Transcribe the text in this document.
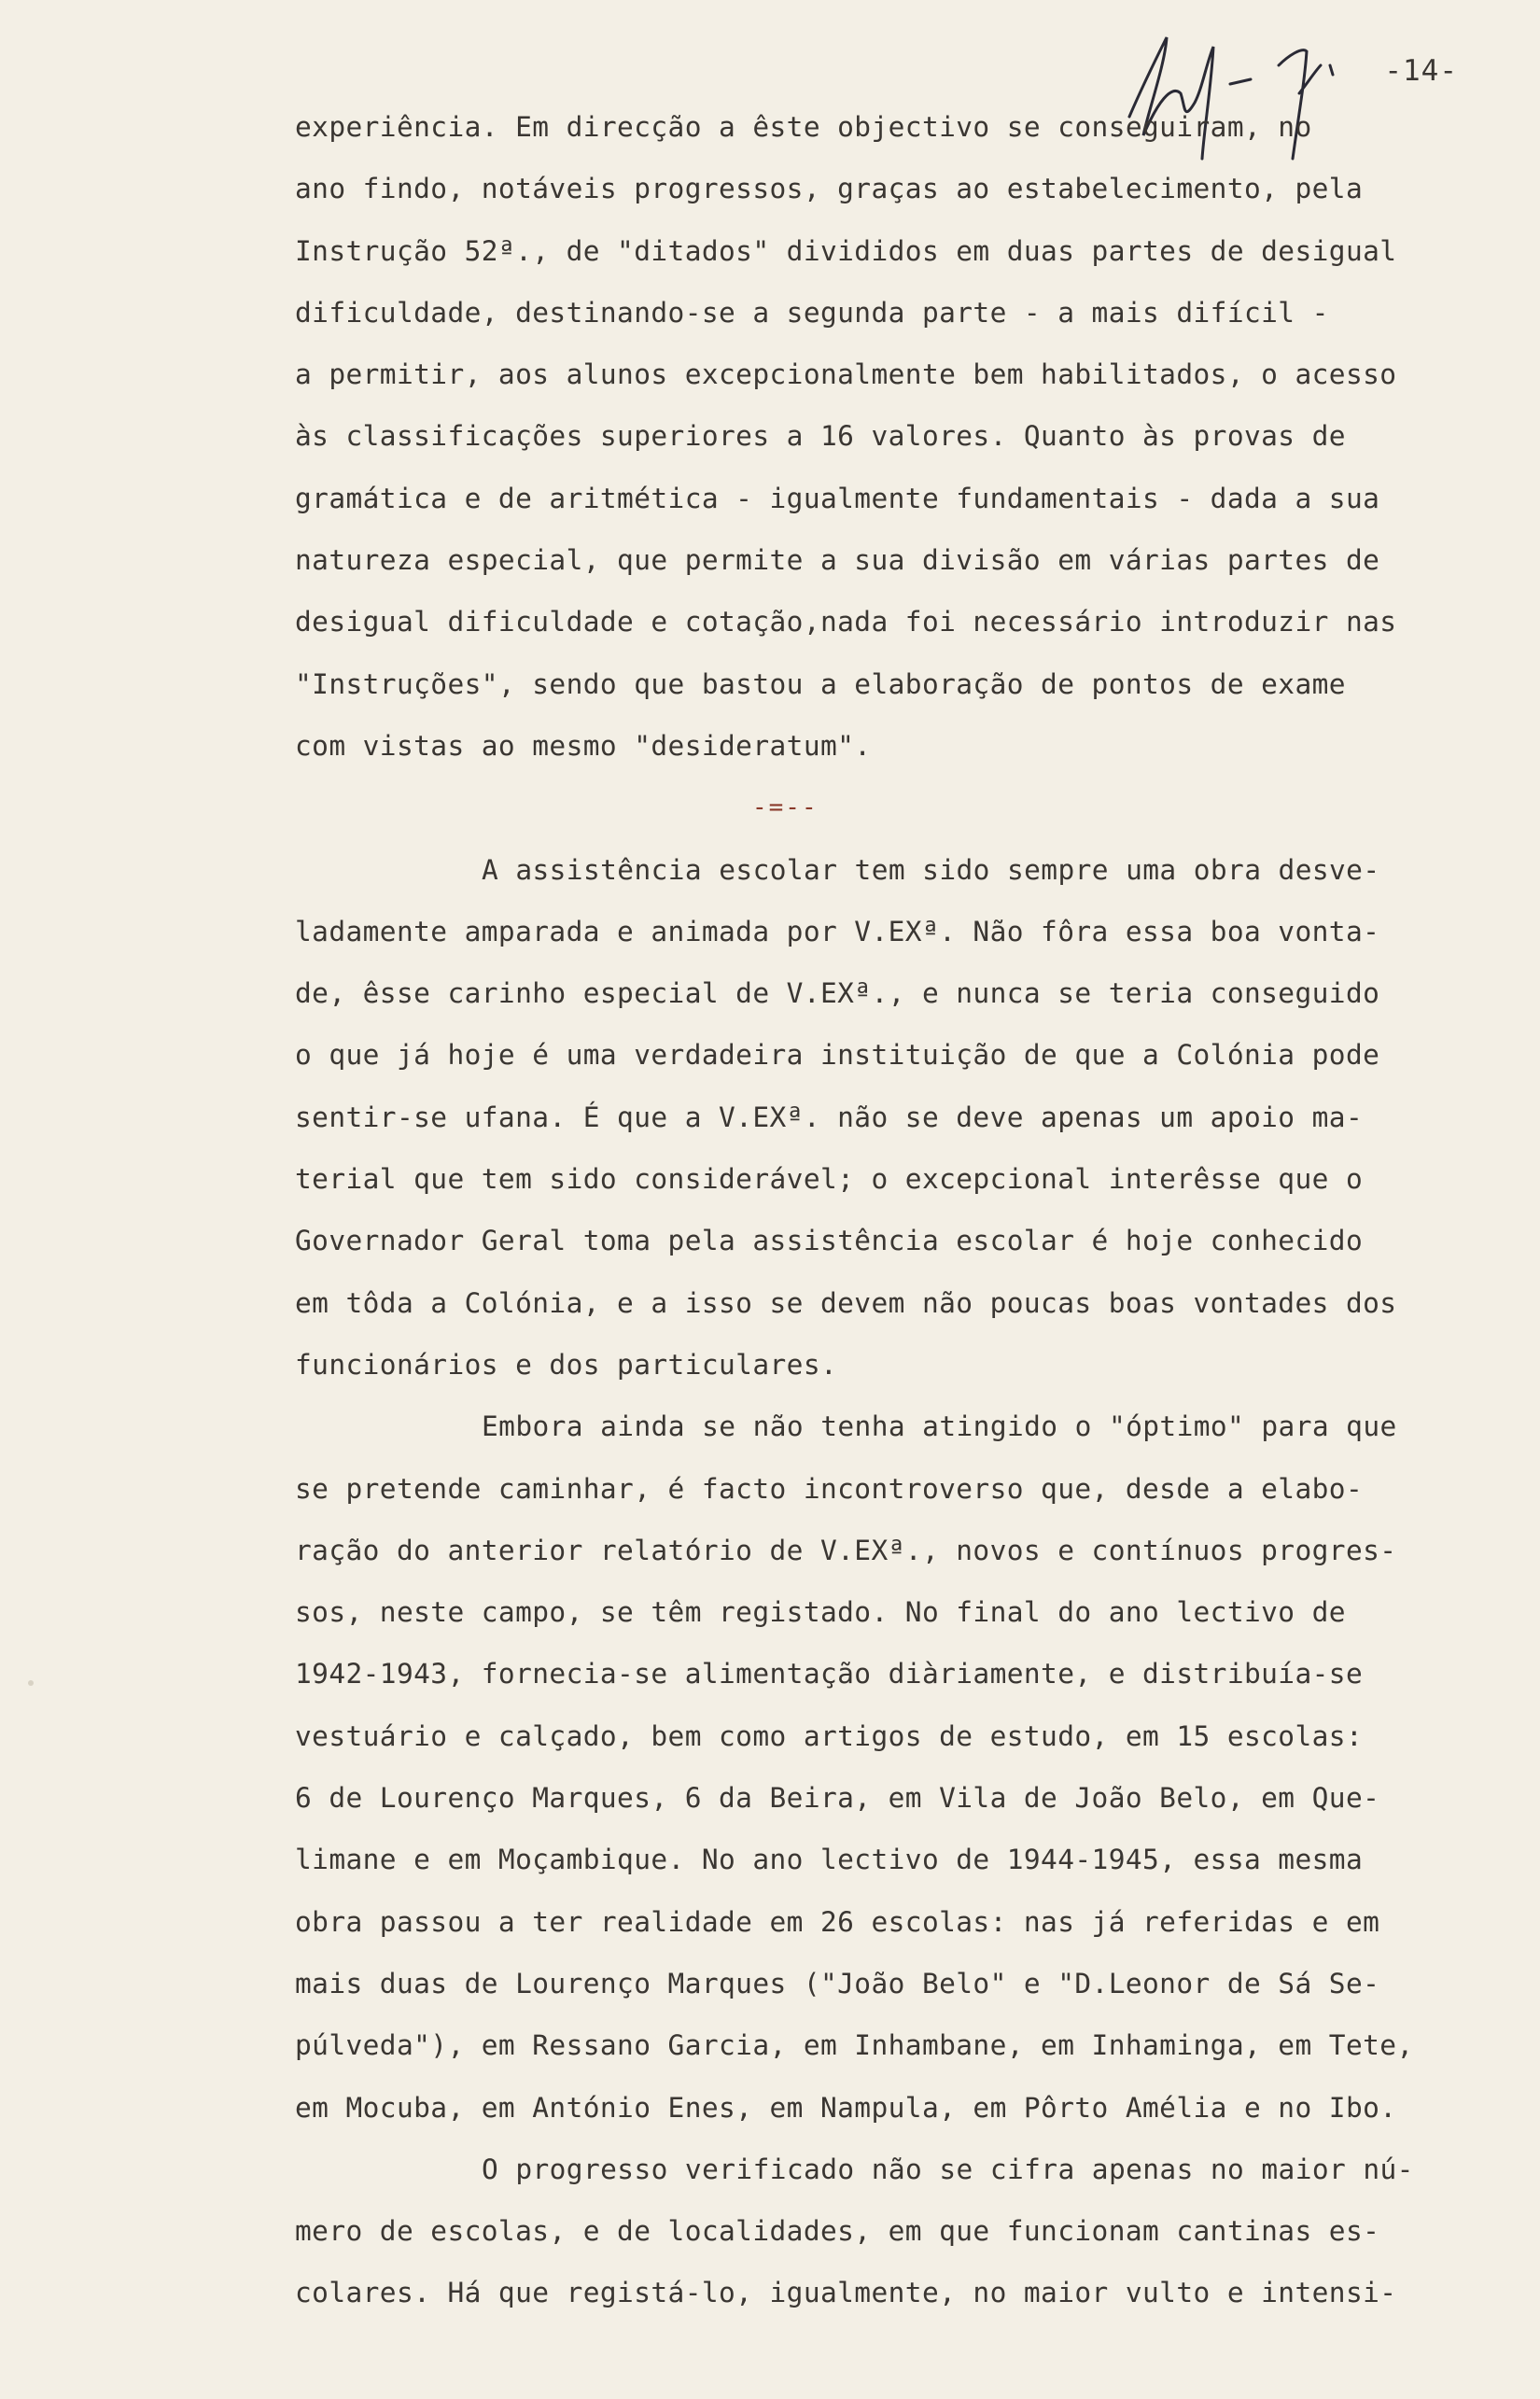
-14-
experiência. Em direcção a êste objectivo se conseguiram, no
ano findo, notáveis progressos, graças ao estabelecimento, pela
Instrução 52ª., de "ditados" divididos em duas partes de desigual
dificuldade, destinando-se a segunda parte - a mais difícil -
a permitir, aos alunos excepcionalmente bem habilitados, o acesso
às classificações superiores a 16 valores. Quanto às provas de
gramática e de aritmética - igualmente fundamentais - dada a sua
natureza especial, que permite a sua divisão em várias partes de
desigual dificuldade e cotação,nada foi necessário introduzir nas
"Instruções", sendo que bastou a elaboração de pontos de exame
com vistas ao mesmo "desideratum".
-=--
A assistência escolar tem sido sempre uma obra desve-
ladamente amparada e animada por V.EXª. Não fôra essa boa vonta-
de, êsse carinho especial de V.EXª., e nunca se teria conseguido
o que já hoje é uma verdadeira instituição de que a Colónia pode
sentir-se ufana. É que a V.EXª. não se deve apenas um apoio ma-
terial que tem sido considerável; o excepcional interêsse que o
Governador Geral toma pela assistência escolar é hoje conhecido
em tôda a Colónia, e a isso se devem não poucas boas vontades dos
funcionários e dos particulares.
Embora ainda se não tenha atingido o "óptimo" para que
se pretende caminhar, é facto incontroverso que, desde a elabo-
ração do anterior relatório de V.EXª., novos e contínuos progres-
sos, neste campo, se têm registado. No final do ano lectivo de
1942-1943, fornecia-se alimentação diàriamente, e distribuía-se
vestuário e calçado, bem como artigos de estudo, em 15 escolas:
6 de Lourenço Marques, 6 da Beira, em Vila de João Belo, em Que-
limane e em Moçambique. No ano lectivo de 1944-1945, essa mesma
obra passou a ter realidade em 26 escolas: nas já referidas e em
mais duas de Lourenço Marques ("João Belo" e "D.Leonor de Sá Se-
púlveda"), em Ressano Garcia, em Inhambane, em Inhaminga, em Tete,
em Mocuba, em António Enes, em Nampula, em Pôrto Amélia e no Ibo.
O progresso verificado não se cifra apenas no maior nú-
mero de escolas, e de localidades, em que funcionam cantinas es-
colares. Há que registá-lo, igualmente, no maior vulto e intensi-
